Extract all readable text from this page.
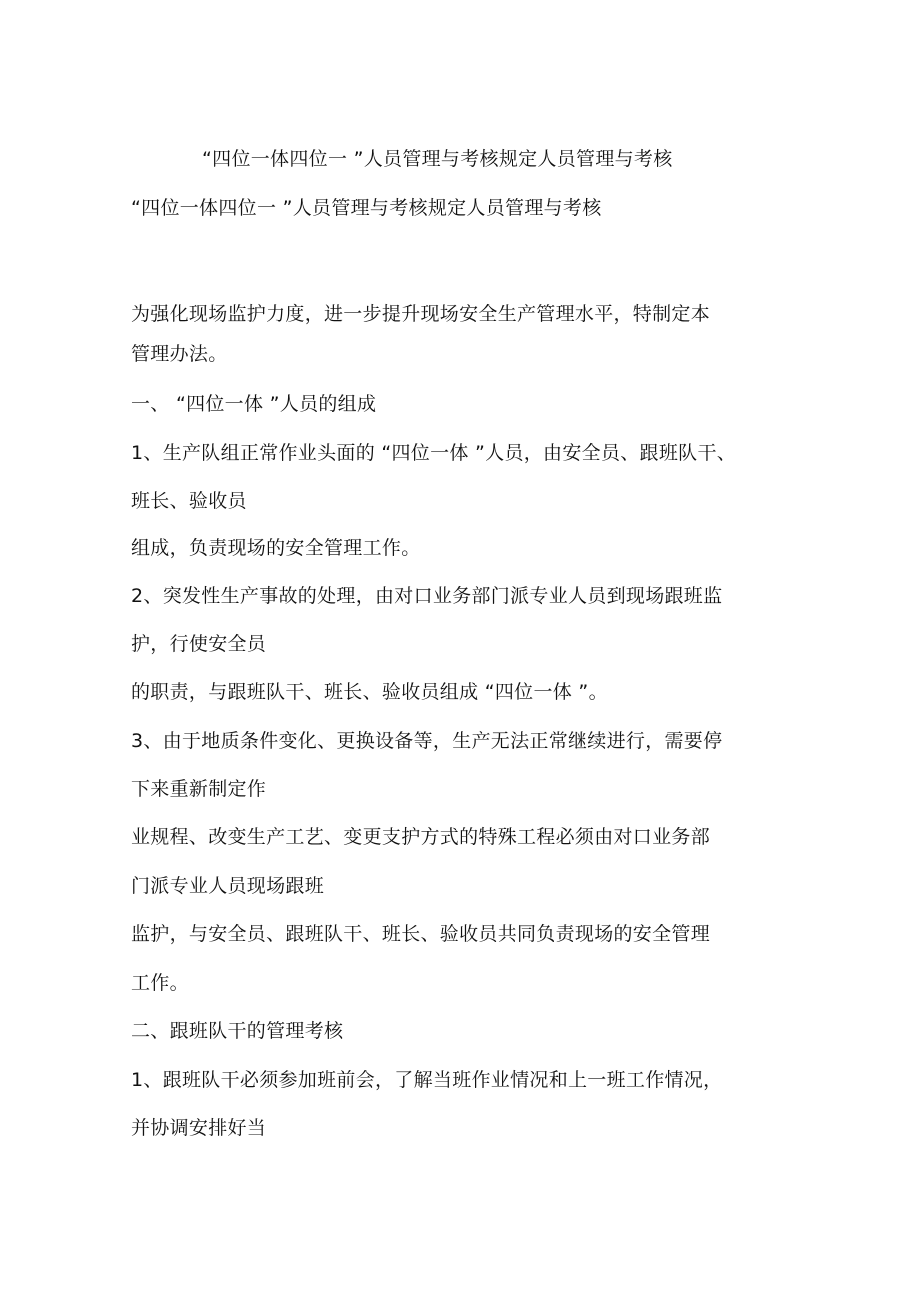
“四位一体四位一 ”人员管理与考核规定人员管理与考核
“四位一体四位一 ”人员管理与考核规定人员管理与考核
为强化现场监护力度，进一步提升现场安全生产管理水平，特制定本
管理办法。
一、 “四位一体 ”人员的组成
1、生产队组正常作业头面的 “四位一体 ”人员，由安全员、跟班队干、
班长、验收员
组成，负责现场的安全管理工作。
2、突发性生产事故的处理，由对口业务部门派专业人员到现场跟班监
护，行使安全员
的职责，与跟班队干、班长、验收员组成 “四位一体 ”。
3、由于地质条件变化、更换设备等，生产无法正常继续进行，需要停
下来重新制定作
业规程、改变生产工艺、变更支护方式的特殊工程必须由对口业务部
门派专业人员现场跟班
监护，与安全员、跟班队干、班长、验收员共同负责现场的安全管理
工作。
二、跟班队干的管理考核
1、跟班队干必须参加班前会，了解当班作业情况和上一班工作情况，
并协调安排好当
